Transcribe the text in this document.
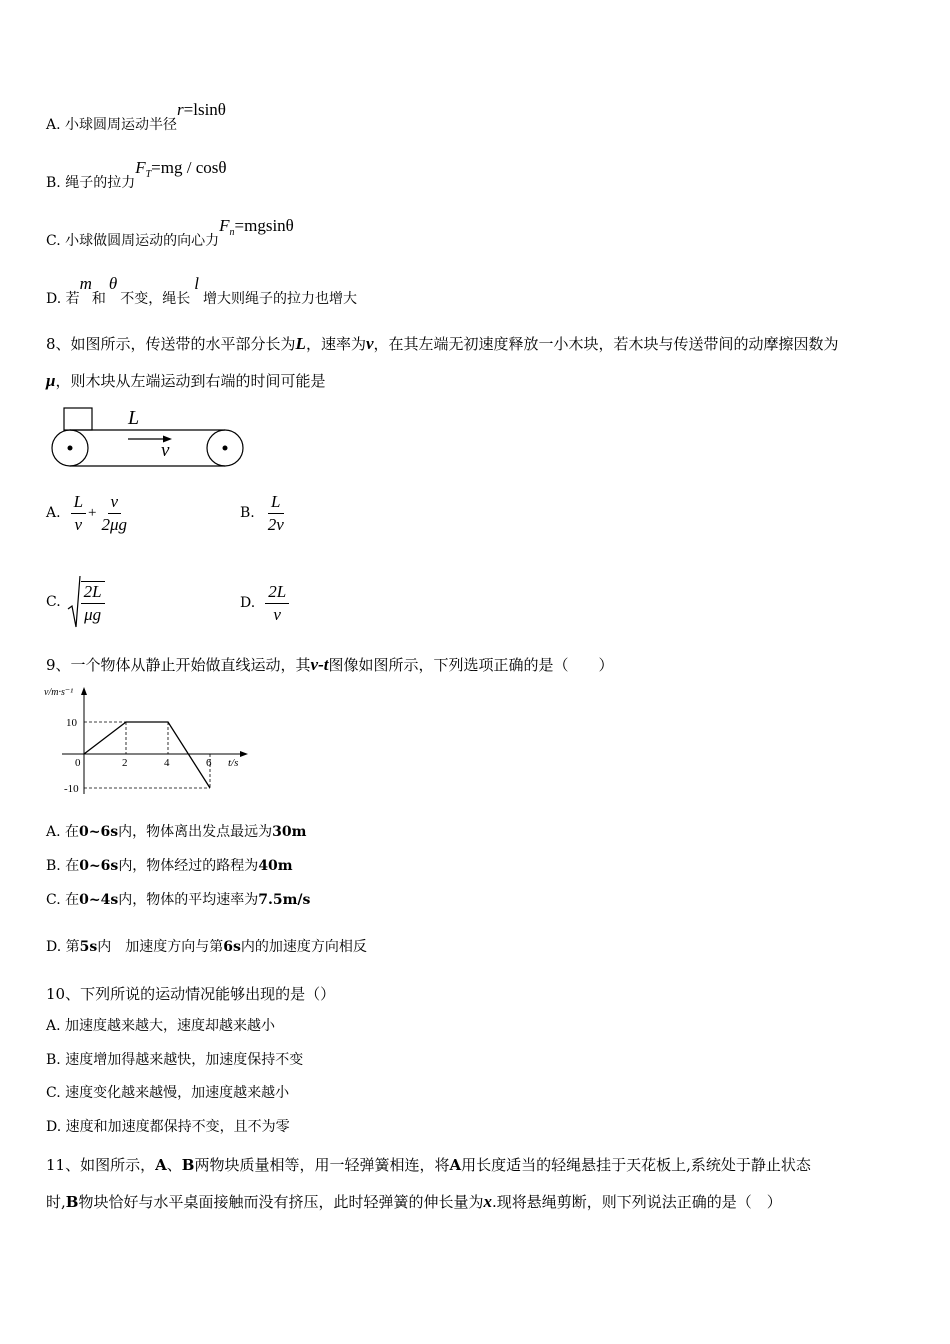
A. 小球圆周运动半径r=lsinθ
B. 绳子的拉力$F^T=mg / \cos\theta$
C. 小球做圆周运动的向心力$F^n=mgsin\theta$
D. 若m和θ不变，绳长l增大则绳子的拉力也增大
8、如图所示，传送带的水平部分长为L，速率为v，在其左端无初速度释放一小木块，若木块与传送带间的动摩擦因数为
μ，则木块从左端运动到右端的时间可能是
L
v
A. $\frac{L}{v} + \frac{v}{2\mu g}$	B. $\frac{L}{2v}$
C. $\frac{2L}{\mu g}$	D. $\frac{2L}{v}$
9、一个物体从静止开始做直线运动，其v-t图像如图所示，下列选项正确的是（　　）
v/m·s⁻¹
10
-10
0	2	4	6 t/s
A. 在0~6s内，物体离出发点最远为30m
B. 在0~6s内，物体经过的路程为40m
C. 在0~4s内，物体的平均速率为7.5m/s
D. 第5s内　加速度方向与第6s内的加速度方向相反
10、下列所说的运动情况能够出现的是（）
A. 加速度越来越大，速度却越来越小
B. 速度增加得越来越快，加速度保持不变
C. 速度变化越来越慢，加速度越来越小
D. 速度和加速度都保持不变，且不为零
11、如图所示，A、B两物块质量相等，用一轻弹簧相连，将A用长度适当的轻绳悬挂于天花板上,系统处于静止状态
时,B物块恰好与水平桌面接触而没有挤压，此时轻弹簧的伸长量为x.现将悬绳剪断，则下列说法正确的是（　）
